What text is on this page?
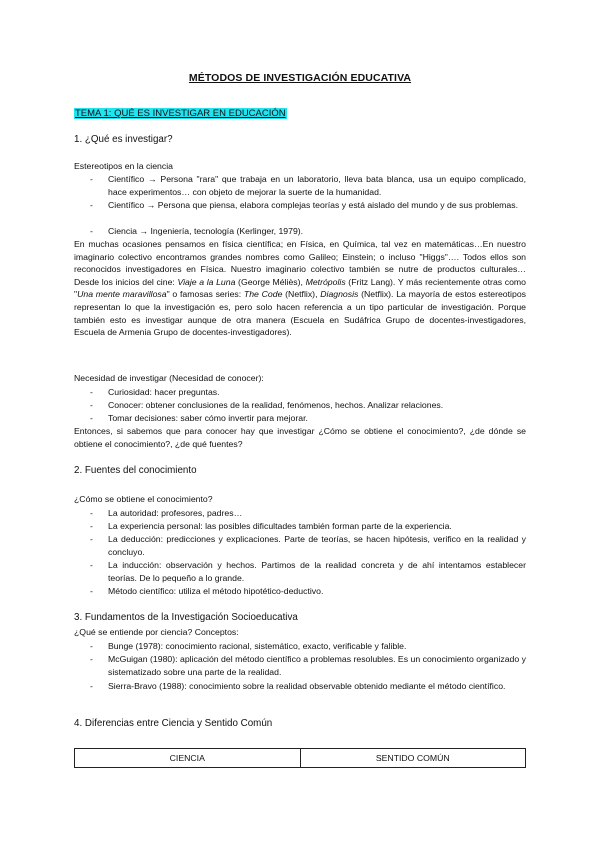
MÉTODOS DE INVESTIGACIÓN EDUCATIVA
TEMA 1: QUÉ ES INVESTIGAR EN EDUCACIÓN
1. ¿Qué es investigar?
Estereotipos en la ciencia
- Científico → Persona "rara" que trabaja en un laboratorio, lleva bata blanca, usa un equipo complicado, hace experimentos… con objeto de mejorar la suerte de la humanidad.
- Científico → Persona que piensa, elabora complejas teorías y está aislado del mundo y de sus problemas.
- Ciencia → Ingeniería, tecnología (Kerlinger, 1979).
En muchas ocasiones pensamos en física científica; en Física, en Química, tal vez en matemáticas…En nuestro imaginario colectivo encontramos grandes nombres como Galileo; Einstein; o incluso "Higgs"…. Todos ellos son reconocidos investigadores en Física. Nuestro imaginario colectivo también se nutre de productos culturales… Desde los inicios del cine: Viaje a la Luna (George Méliès), Metrópolis (Fritz Lang). Y más recientemente otras como "Una mente maravillosa" o famosas series: The Code (Netflix), Diagnosis (Netflix). La mayoría de estos estereotipos representan lo que la investigación es, pero solo hacen referencia a un tipo particular de investigación. Porque también esto es investigar aunque de otra manera (Escuela en Sudáfrica Grupo de docentes-investigadores, Escuela de Armenia Grupo de docentes-investigadores).
Necesidad de investigar (Necesidad de conocer):
- Curiosidad: hacer preguntas.
- Conocer: obtener conclusiones de la realidad, fenómenos, hechos. Analizar relaciones.
- Tomar decisiones: saber cómo invertir para mejorar.
Entonces, si sabemos que para conocer hay que investigar ¿Cómo se obtiene el conocimiento?, ¿de dónde se obtiene el conocimiento?, ¿de qué fuentes?
2. Fuentes del conocimiento
¿Cómo se obtiene el conocimiento?
- La autoridad: profesores, padres…
- La experiencia personal: las posibles dificultades también forman parte de la experiencia.
- La deducción: predicciones y explicaciones. Parte de teorías, se hacen hipótesis, verifico en la realidad y concluyo.
- La inducción: observación y hechos. Partimos de la realidad concreta y de ahí intentamos establecer teorías. De lo pequeño a lo grande.
- Método científico: utiliza el método hipotético-deductivo.
3. Fundamentos de la Investigación Socioeducativa
¿Qué se entiende por ciencia? Conceptos:
- Bunge (1978): conocimiento racional, sistemático, exacto, verificable y falible.
- McGuigan (1980): aplicación del método científico a problemas resolubles. Es un conocimiento organizado y sistematizado sobre una parte de la realidad.
- Sierra-Bravo (1988): conocimiento sobre la realidad observable obtenido mediante el método científico.
4. Diferencias entre Ciencia y Sentido Común
CIENCIA	SENTIDO COMÚN
